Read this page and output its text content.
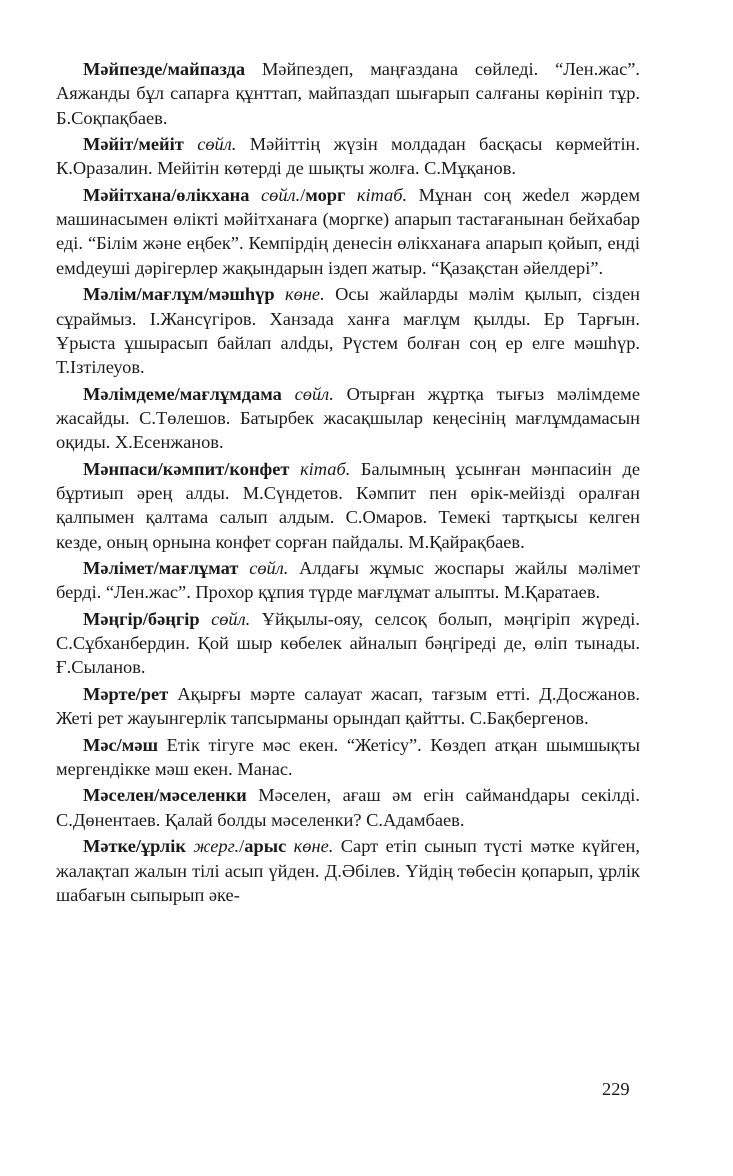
Мәйпезде/майпазда Мәйпездеп, маңғаздана сөйледі. “Лен.жас”. Аяжанды бұл сапарға құнттап, майпаздап шығарып салғаны көрініп тұр. Б.Соқпақбаев.

Мәйіт/мейіт сөйл. Мәйіттің жүзін молдадан басқасы көрмейтін. К.Оразалин. Мейітін көтерді де шықты жолға. С.Мұқанов.

Мәйітхана/өлікхана сөйл./морг кітаб. Мұнан соң жеdел жәрдем машинасымен өлікті мәйітханаға (моргке) апарып тастағанынан бейхабар еді. “Білім және еңбек”. Кемпірдің денесін өлікханаға апарып қойып, енді емdдеуші дәрігерлер жақындарын іздеп жатыр. “Қазақстан әйелдері”.

Мәлім/мағлұм/мәшһүр көне. Осы жайларды мәлім қылып, сізден сұраймыз. І.Жансүгіров. Ханзада ханға мағлұм қылды. Ер Тарғын. Ұрыста ұшырасып байлап алdды, Рүстем болған соң ер елге мәшһүр. Т.Ізтілеуов.

Мәлімдеме/мағлұмдама сөйл. Отырған жұртқа тығыз мәлімдеме жасайды. С.Төлешов. Батырбек жасақшылар кеңесінің мағлұмдамасын оқиды. Х.Есенжанов.

Мәнпаси/кәмпит/конфет кітаб. Балымның ұсынған мәнпасиін де бұртиып әрең алды. М.Сүндетов. Кәмпит пен өрік-мейізді оралған қалпымен қалтама салып алдым. С.Омаров. Темекі тартқысы келген кезде, оның орнына конфет сорған пайдалы. М.Қайрақбаев.

Мәлімет/мағлұмат сөйл. Алдағы жұмыс жоспары жайлы мәлімет берді. “Лен.жас”. Прохор құпия түрде мағлұмат алыпты. М.Қаратаев.

Мәңгір/бәңгір сөйл. Ұйқылы-ояу, селсоқ болып, мәңгіріп жүреді. С.Сұбханбердин. Қой шыр көбелек айналып бәңгіреді де, өліп тынады. Ғ.Сыланов.

Мәрте/рет Ақырғы мәрте салауат жасап, тағзым етті. Д.Досжанов. Жеті рет жауынгерлік тапсырманы орындап қайтты. С.Бақбергенов.

Мәс/мәш Етік тігуге мәс екен. “Жетісу”. Көздеп атқан шымшықты мергендікке мәш екен. Манас.

Мәселен/мәселенки Мәселен, ағаш әм егін сайманdдары секілді. С.Дөнентаев. Қалай болды мәселенки? С.Адамбаев.

Мәтке/ұрлік жерг./арыс көне. Сарт етіп сынып түсті мәтке күйген, жалақтап жалын тілі асып үйден. Д.Әбілев. Үйдің төбесін қопарып, ұрлік шабағын сыпырып әке-

229
